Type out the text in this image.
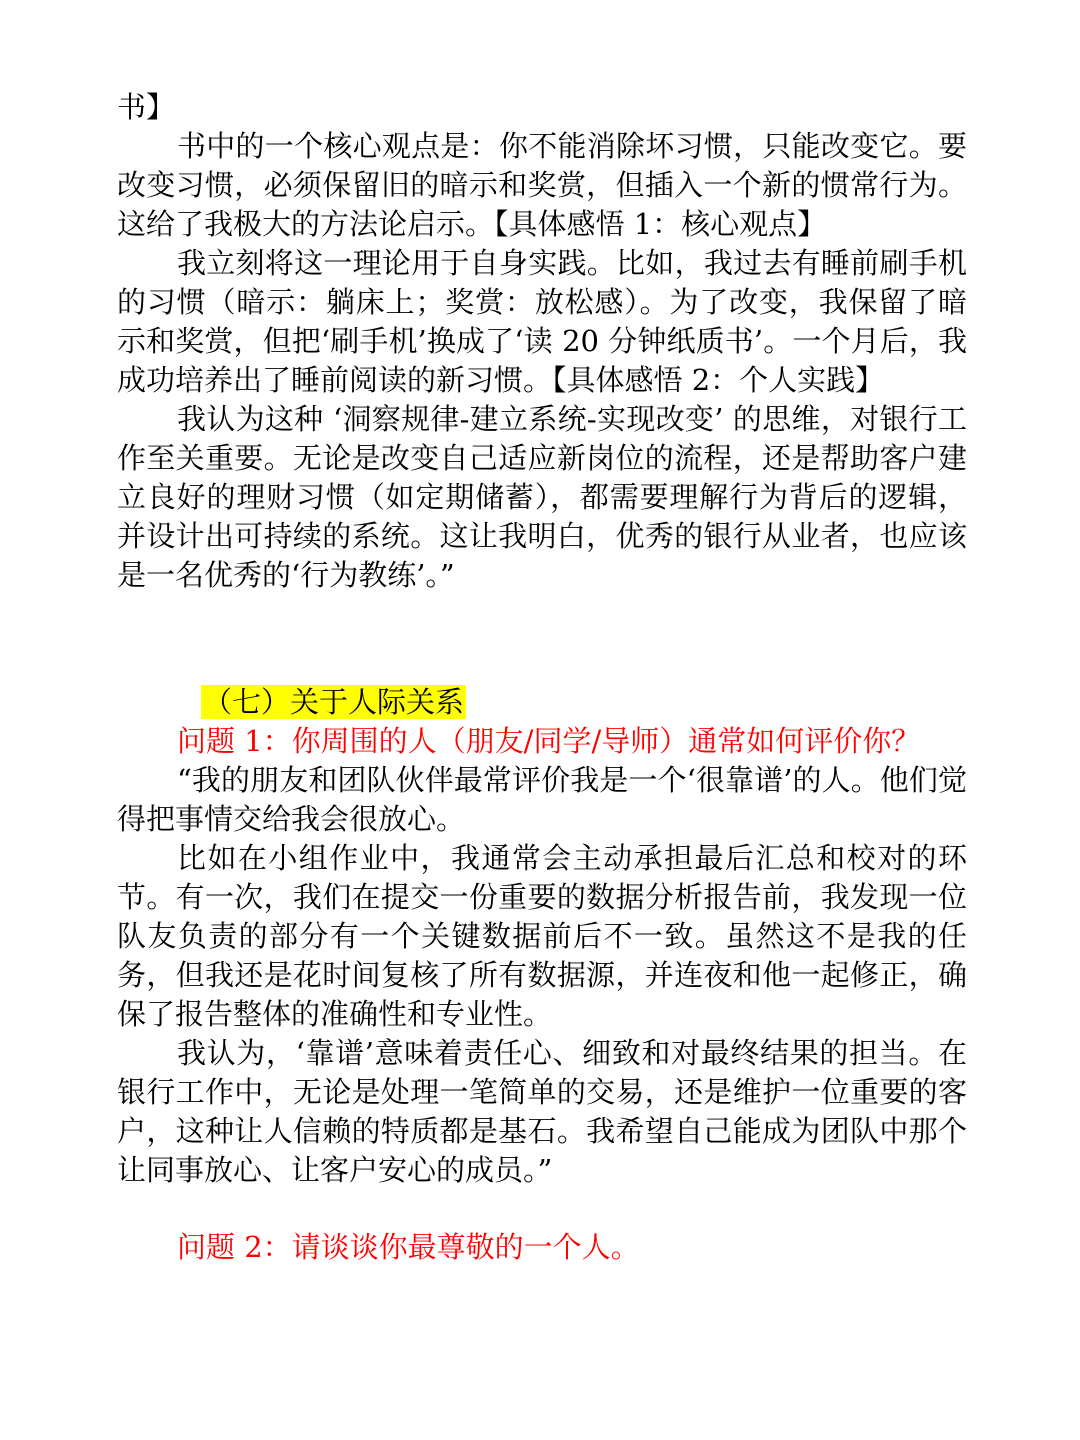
书】

书中的一个核心观点是：你不能消除坏习惯，只能改变它。要改变习惯，必须保留旧的暗示和奖赏，但插入一个新的惯常行为。这给了我极大的方法论启示。【具体感悟 1：核心观点】

我立刻将这一理论用于自身实践。比如，我过去有睡前刷手机的习惯（暗示：躺床上；奖赏：放松感）。为了改变，我保留了暗示和奖赏，但把‘刷手机’换成了‘读 20 分钟纸质书’。一个月后，我成功培养出了睡前阅读的新习惯。【具体感悟 2：个人实践】

我认为这种 ‘洞察规律-建立系统-实现改变’ 的思维，对银行工作至关重要。无论是改变自己适应新岗位的流程，还是帮助客户建立良好的理财习惯（如定期储蓄），都需要理解行为背后的逻辑，并设计出可持续的系统。这让我明白，优秀的银行从业者，也应该是一名优秀的‘行为教练’。”

（七）关于人际关系

问题 1：你周围的人（朋友/同学/导师）通常如何评价你？

“我的朋友和团队伙伴最常评价我是一个‘很靠谱’的人。他们觉得把事情交给我会很放心。

比如在小组作业中，我通常会主动承担最后汇总和校对的环节。有一次，我们在提交一份重要的数据分析报告前，我发现一位队友负责的部分有一个关键数据前后不一致。虽然这不是我的任务，但我还是花时间复核了所有数据源，并连夜和他一起修正，确保了报告整体的准确性和专业性。

我认为，‘靠谱’意味着责任心、细致和对最终结果的担当。在银行工作中，无论是处理一笔简单的交易，还是维护一位重要的客户，这种让人信赖的特质都是基石。我希望自己能成为团队中那个让同事放心、让客户安心的成员。”

问题 2：请谈谈你最尊敬的一个人。
